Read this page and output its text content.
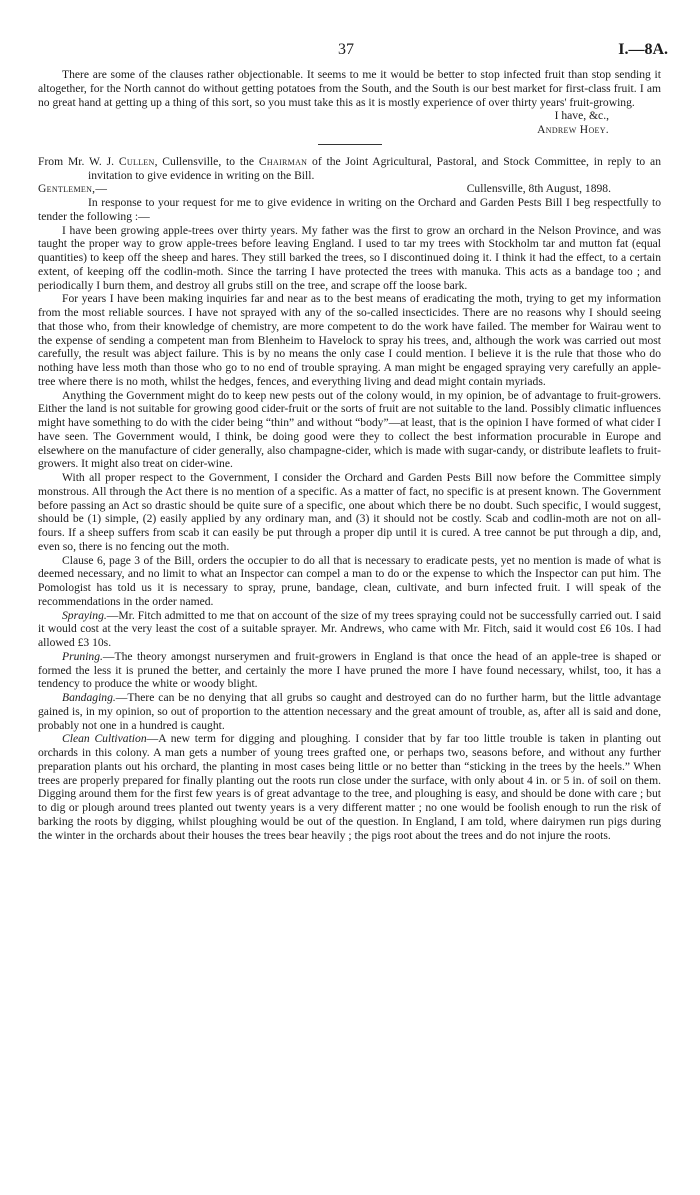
37	I.—8A.

There are some of the clauses rather objectionable. It seems to me it would be better to stop infected fruit than stop sending it altogether, for the North cannot do without getting potatoes from the South, and the South is our best market for first-class fruit. I am no great hand at getting up a thing of this sort, so you must take this as it is mostly experience of over thirty years' fruit-growing.

I have, &c.,

Andrew Hoey.

From Mr. W. J. Cullen, Cullensville, to the Chairman of the Joint Agricultural, Pastoral, and Stock Committee, in reply to an invitation to give evidence in writing on the Bill.

Gentlemen,—	Cullensville, 8th August, 1898.

In response to your request for me to give evidence in writing on the Orchard and Garden Pests Bill I beg respectfully to tender the following :—

I have been growing apple-trees over thirty years. My father was the first to grow an orchard in the Nelson Province, and was taught the proper way to grow apple-trees before leaving England. I used to tar my trees with Stockholm tar and mutton fat (equal quantities) to keep off the sheep and hares. They still barked the trees, so I discontinued doing it. I think it had the effect, to a certain extent, of keeping off the codlin-moth. Since the tarring I have protected the trees with manuka. This acts as a bandage too ; and periodically I burn them, and destroy all grubs still on the tree, and scrape off the loose bark.

For years I have been making inquiries far and near as to the best means of eradicating the moth, trying to get my information from the most reliable sources. I have not sprayed with any of the so-called insecticides. There are no reasons why I should seeing that those who, from their knowledge of chemistry, are more competent to do the work have failed. The member for Wairau went to the expense of sending a competent man from Blenheim to Havelock to spray his trees, and, although the work was carried out most carefully, the result was abject failure. This is by no means the only case I could mention. I believe it is the rule that those who do nothing have less moth than those who go to no end of trouble spraying. A man might be engaged spraying very carefully an apple-tree where there is no moth, whilst the hedges, fences, and everything living and dead might contain myriads.

Anything the Government might do to keep new pests out of the colony would, in my opinion, be of advantage to fruit-growers. Either the land is not suitable for growing good cider-fruit or the sorts of fruit are not suitable to the land. Possibly climatic influences might have something to do with the cider being “thin” and without “body”—at least, that is the opinion I have formed of what cider I have seen. The Government would, I think, be doing good were they to collect the best information procurable in Europe and elsewhere on the manufacture of cider generally, also champagne-cider, which is made with sugar-candy, or distribute leaflets to fruit-growers. It might also treat on cider-wine.

With all proper respect to the Government, I consider the Orchard and Garden Pests Bill now before the Committee simply monstrous. All through the Act there is no mention of a specific. As a matter of fact, no specific is at present known. The Government before passing an Act so drastic should be quite sure of a specific, one about which there be no doubt. Such specific, I would suggest, should be (1) simple, (2) easily applied by any ordinary man, and (3) it should not be costly. Scab and codlin-moth are not on all-fours. If a sheep suffers from scab it can easily be put through a proper dip until it is cured. A tree cannot be put through a dip, and, even so, there is no fencing out the moth.

Clause 6, page 3 of the Bill, orders the occupier to do all that is necessary to eradicate pests, yet no mention is made of what is deemed necessary, and no limit to what an Inspector can compel a man to do or the expense to which the Inspector can put him. The Pomologist has told us it is necessary to spray, prune, bandage, clean, cultivate, and burn infected fruit. I will speak of the recommendations in the order named.

Spraying.—Mr. Fitch admitted to me that on account of the size of my trees spraying could not be successfully carried out. I said it would cost at the very least the cost of a suitable sprayer. Mr. Andrews, who came with Mr. Fitch, said it would cost £6 10s. I had allowed £3 10s.

Pruning.—The theory amongst nurserymen and fruit-growers in England is that once the head of an apple-tree is shaped or formed the less it is pruned the better, and certainly the more I have pruned the more I have found necessary, whilst, too, it has a tendency to produce the white or woody blight.

Bandaging.—There can be no denying that all grubs so caught and destroyed can do no further harm, but the little advantage gained is, in my opinion, so out of proportion to the attention necessary and the great amount of trouble, as, after all is said and done, probably not one in a hundred is caught.

Clean Cultivation—A new term for digging and ploughing. I consider that by far too little trouble is taken in planting out orchards in this colony. A man gets a number of young trees grafted one, or perhaps two, seasons before, and without any further preparation plants out his orchard, the planting in most cases being little or no better than “sticking in the trees by the heels.” When trees are properly prepared for finally planting out the roots run close under the surface, with only about 4 in. or 5 in. of soil on them. Digging around them for the first few years is of great advantage to the tree, and ploughing is easy, and should be done with care ; but to dig or plough around trees planted out twenty years is a very different matter ; no one would be foolish enough to run the risk of barking the roots by digging, whilst ploughing would be out of the question. In England, I am told, where dairymen run pigs during the winter in the orchards about their houses the trees bear heavily ; the pigs root about the trees and do not injure the roots.
